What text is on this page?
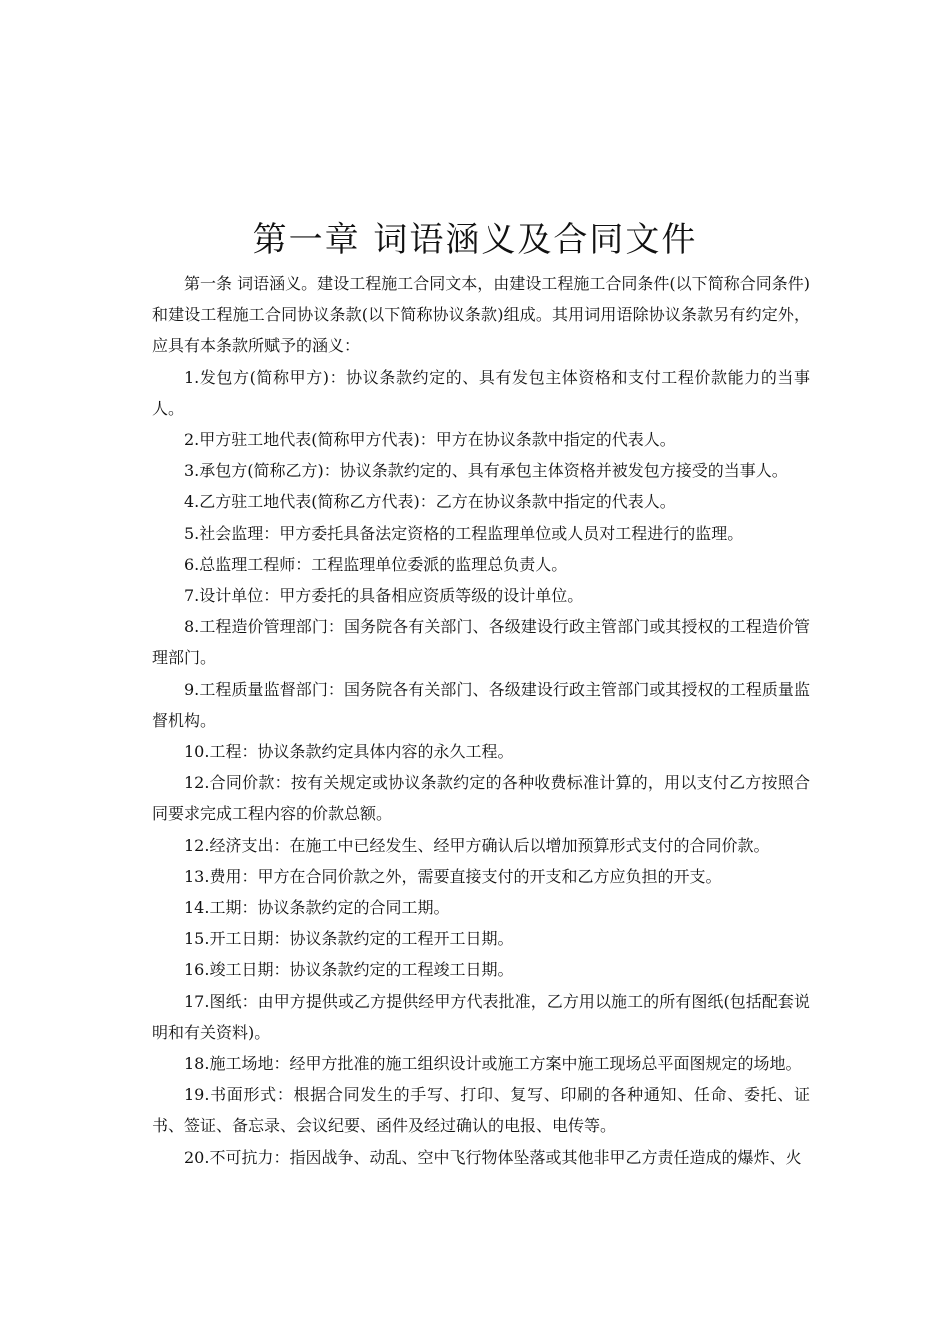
第一章 词语涵义及合同文件

第一条 词语涵义。建设工程施工合同文本，由建设工程施工合同条件(以下简称合同条件)和建设工程施工合同协议条款(以下简称协议条款)组成。其用词用语除协议条款另有约定外，应具有本条款所赋予的涵义：

1.发包方(简称甲方)：协议条款约定的、具有发包主体资格和支付工程价款能力的当事人。

2.甲方驻工地代表(简称甲方代表)：甲方在协议条款中指定的代表人。

3.承包方(简称乙方)：协议条款约定的、具有承包主体资格并被发包方接受的当事人。

4.乙方驻工地代表(简称乙方代表)：乙方在协议条款中指定的代表人。

5.社会监理：甲方委托具备法定资格的工程监理单位或人员对工程进行的监理。

6.总监理工程师：工程监理单位委派的监理总负责人。

7.设计单位：甲方委托的具备相应资质等级的设计单位。

8.工程造价管理部门：国务院各有关部门、各级建设行政主管部门或其授权的工程造价管理部门。

9.工程质量监督部门：国务院各有关部门、各级建设行政主管部门或其授权的工程质量监督机构。

10.工程：协议条款约定具体内容的永久工程。

12.合同价款：按有关规定或协议条款约定的各种收费标准计算的，用以支付乙方按照合同要求完成工程内容的价款总额。

12.经济支出：在施工中已经发生、经甲方确认后以增加预算形式支付的合同价款。

13.费用：甲方在合同价款之外，需要直接支付的开支和乙方应负担的开支。

14.工期：协议条款约定的合同工期。

15.开工日期：协议条款约定的工程开工日期。

16.竣工日期：协议条款约定的工程竣工日期。

17.图纸：由甲方提供或乙方提供经甲方代表批准，乙方用以施工的所有图纸(包括配套说明和有关资料)。

18.施工场地：经甲方批准的施工组织设计或施工方案中施工现场总平面图规定的场地。

19.书面形式：根据合同发生的手写、打印、复写、印刷的各种通知、任命、委托、证书、签证、备忘录、会议纪要、函件及经过确认的电报、电传等。

20.不可抗力：指因战争、动乱、空中飞行物体坠落或其他非甲乙方责任造成的爆炸、火
